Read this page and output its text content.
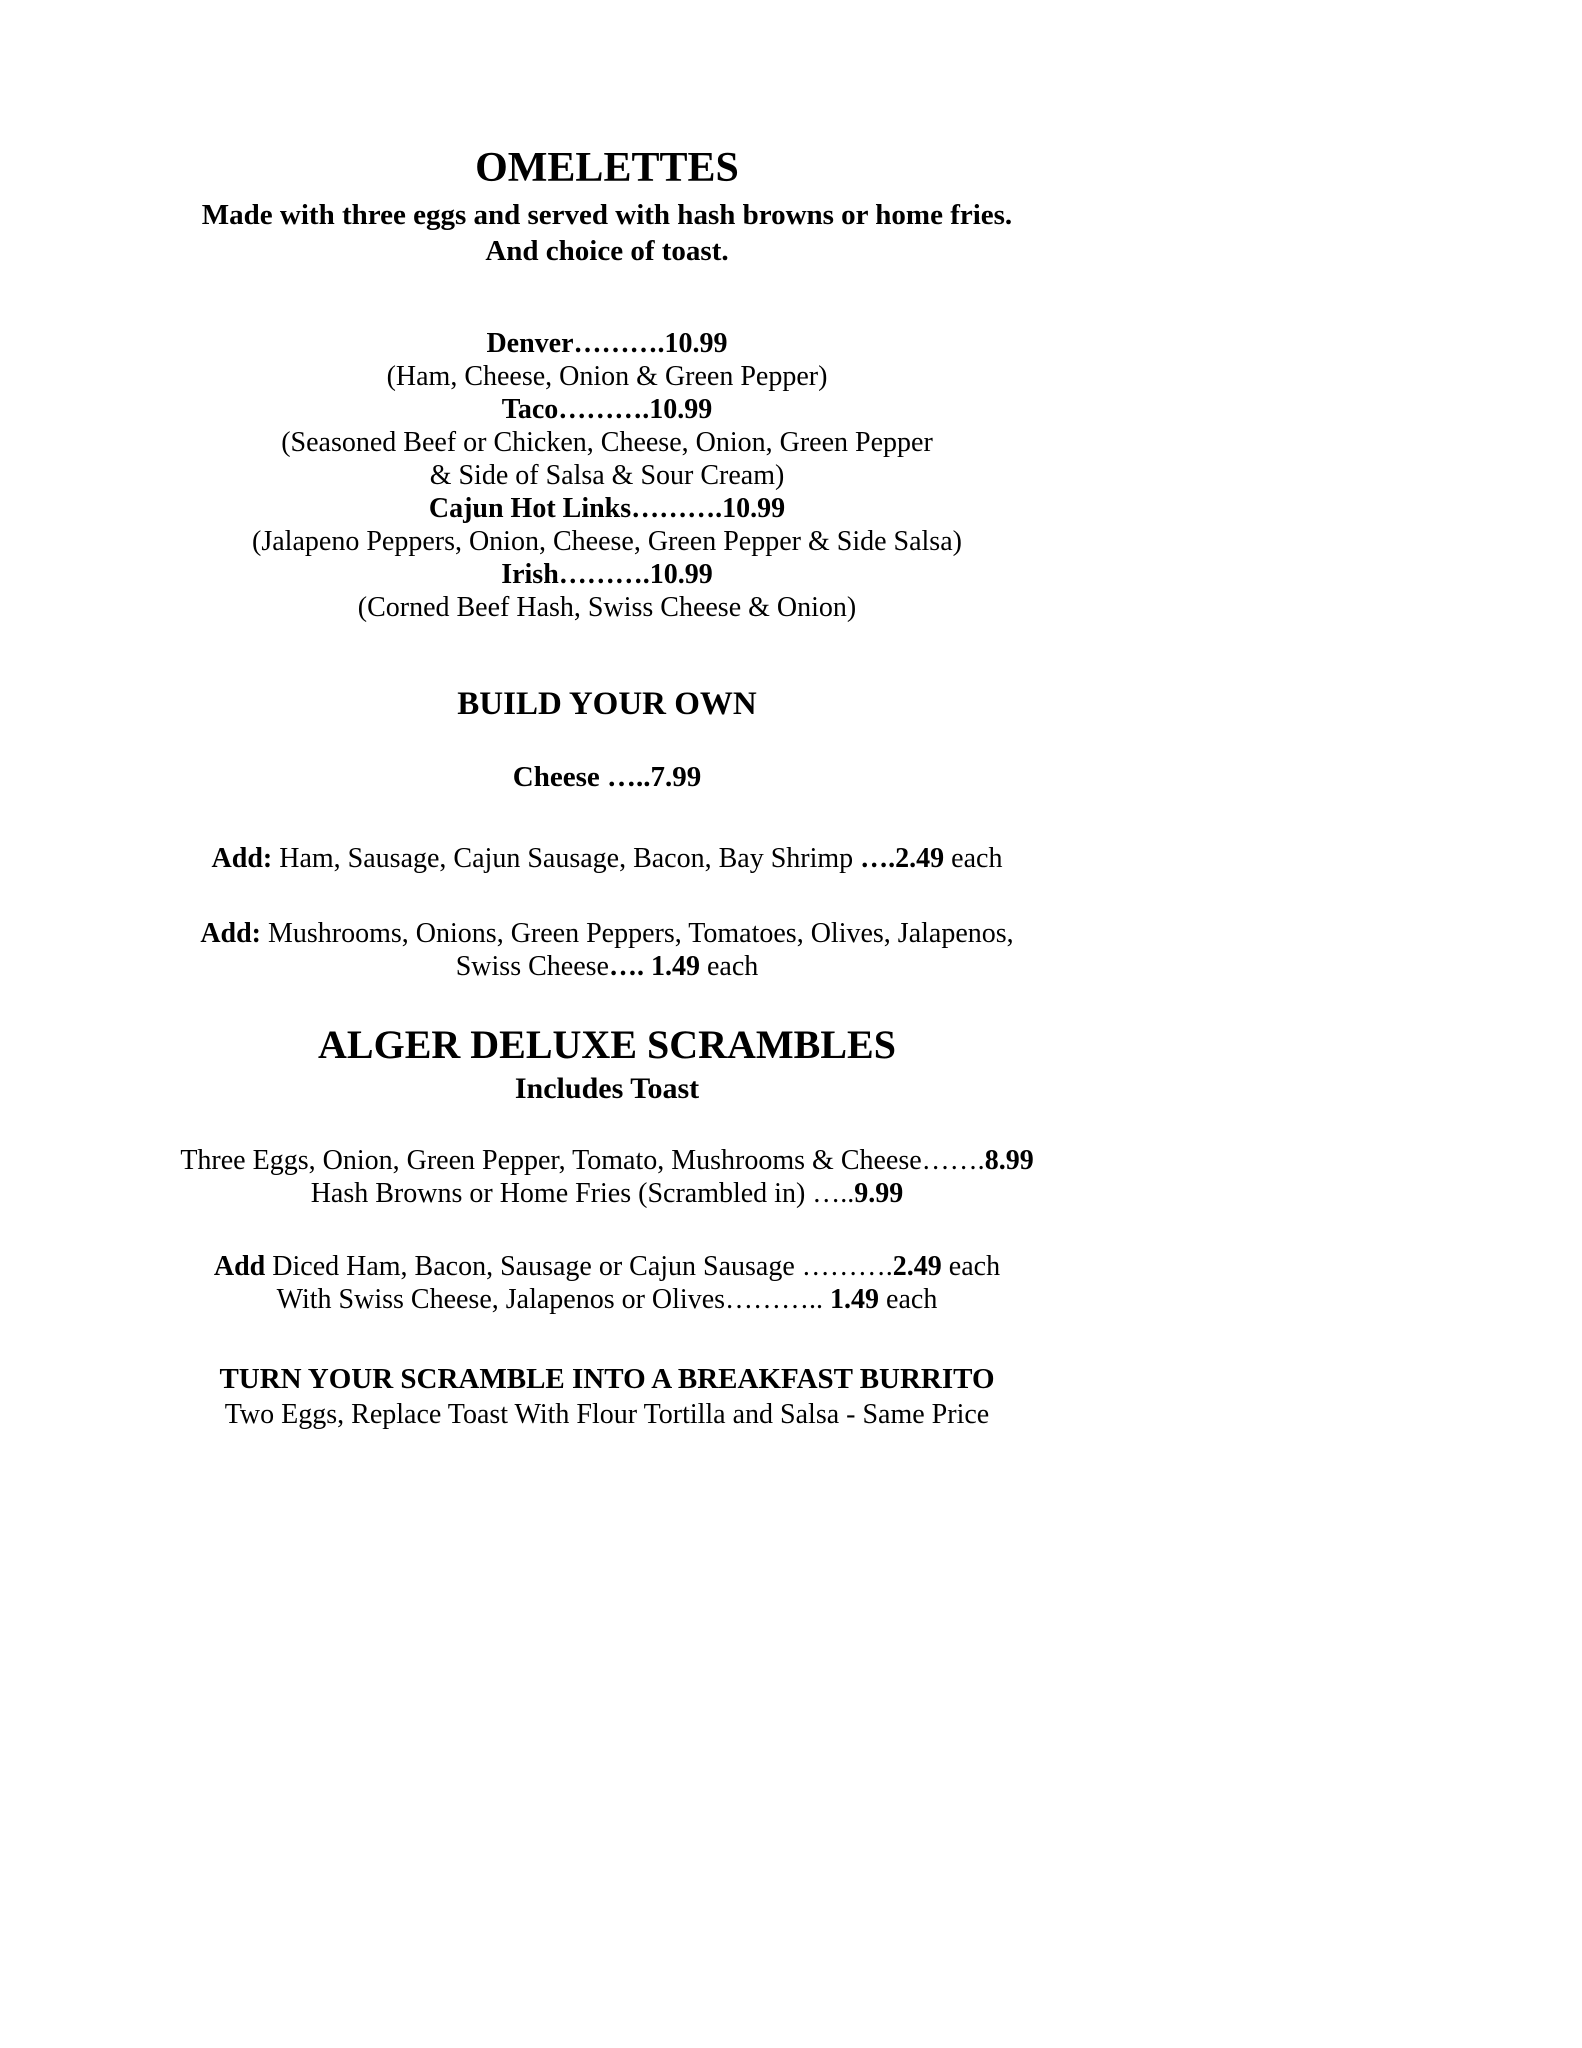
OMELETTES
Made with three eggs and served with hash browns or home fries.
And choice of toast.
Denver……….10.99
(Ham, Cheese, Onion & Green Pepper)
Taco……….10.99
(Seasoned Beef or Chicken, Cheese, Onion, Green Pepper
& Side of Salsa & Sour Cream)
Cajun Hot Links……….10.99
(Jalapeno Peppers, Onion, Cheese, Green Pepper & Side Salsa)
Irish……….10.99
(Corned Beef Hash, Swiss Cheese & Onion)
BUILD YOUR OWN
Cheese …..7.99
Add: Ham, Sausage, Cajun Sausage, Bacon, Bay Shrimp ….2.49 each
Add: Mushrooms, Onions, Green Peppers, Tomatoes, Olives, Jalapenos,
Swiss Cheese…. 1.49 each
ALGER DELUXE SCRAMBLES
Includes Toast
Three Eggs, Onion, Green Pepper, Tomato, Mushrooms & Cheese…….8.99
Hash Browns or Home Fries (Scrambled in) …..9.99
Add Diced Ham, Bacon, Sausage or Cajun Sausage ……….2.49 each
With Swiss Cheese, Jalapenos or Olives……….. 1.49 each
TURN YOUR SCRAMBLE INTO A BREAKFAST BURRITO
Two Eggs, Replace Toast With Flour Tortilla and Salsa - Same Price
